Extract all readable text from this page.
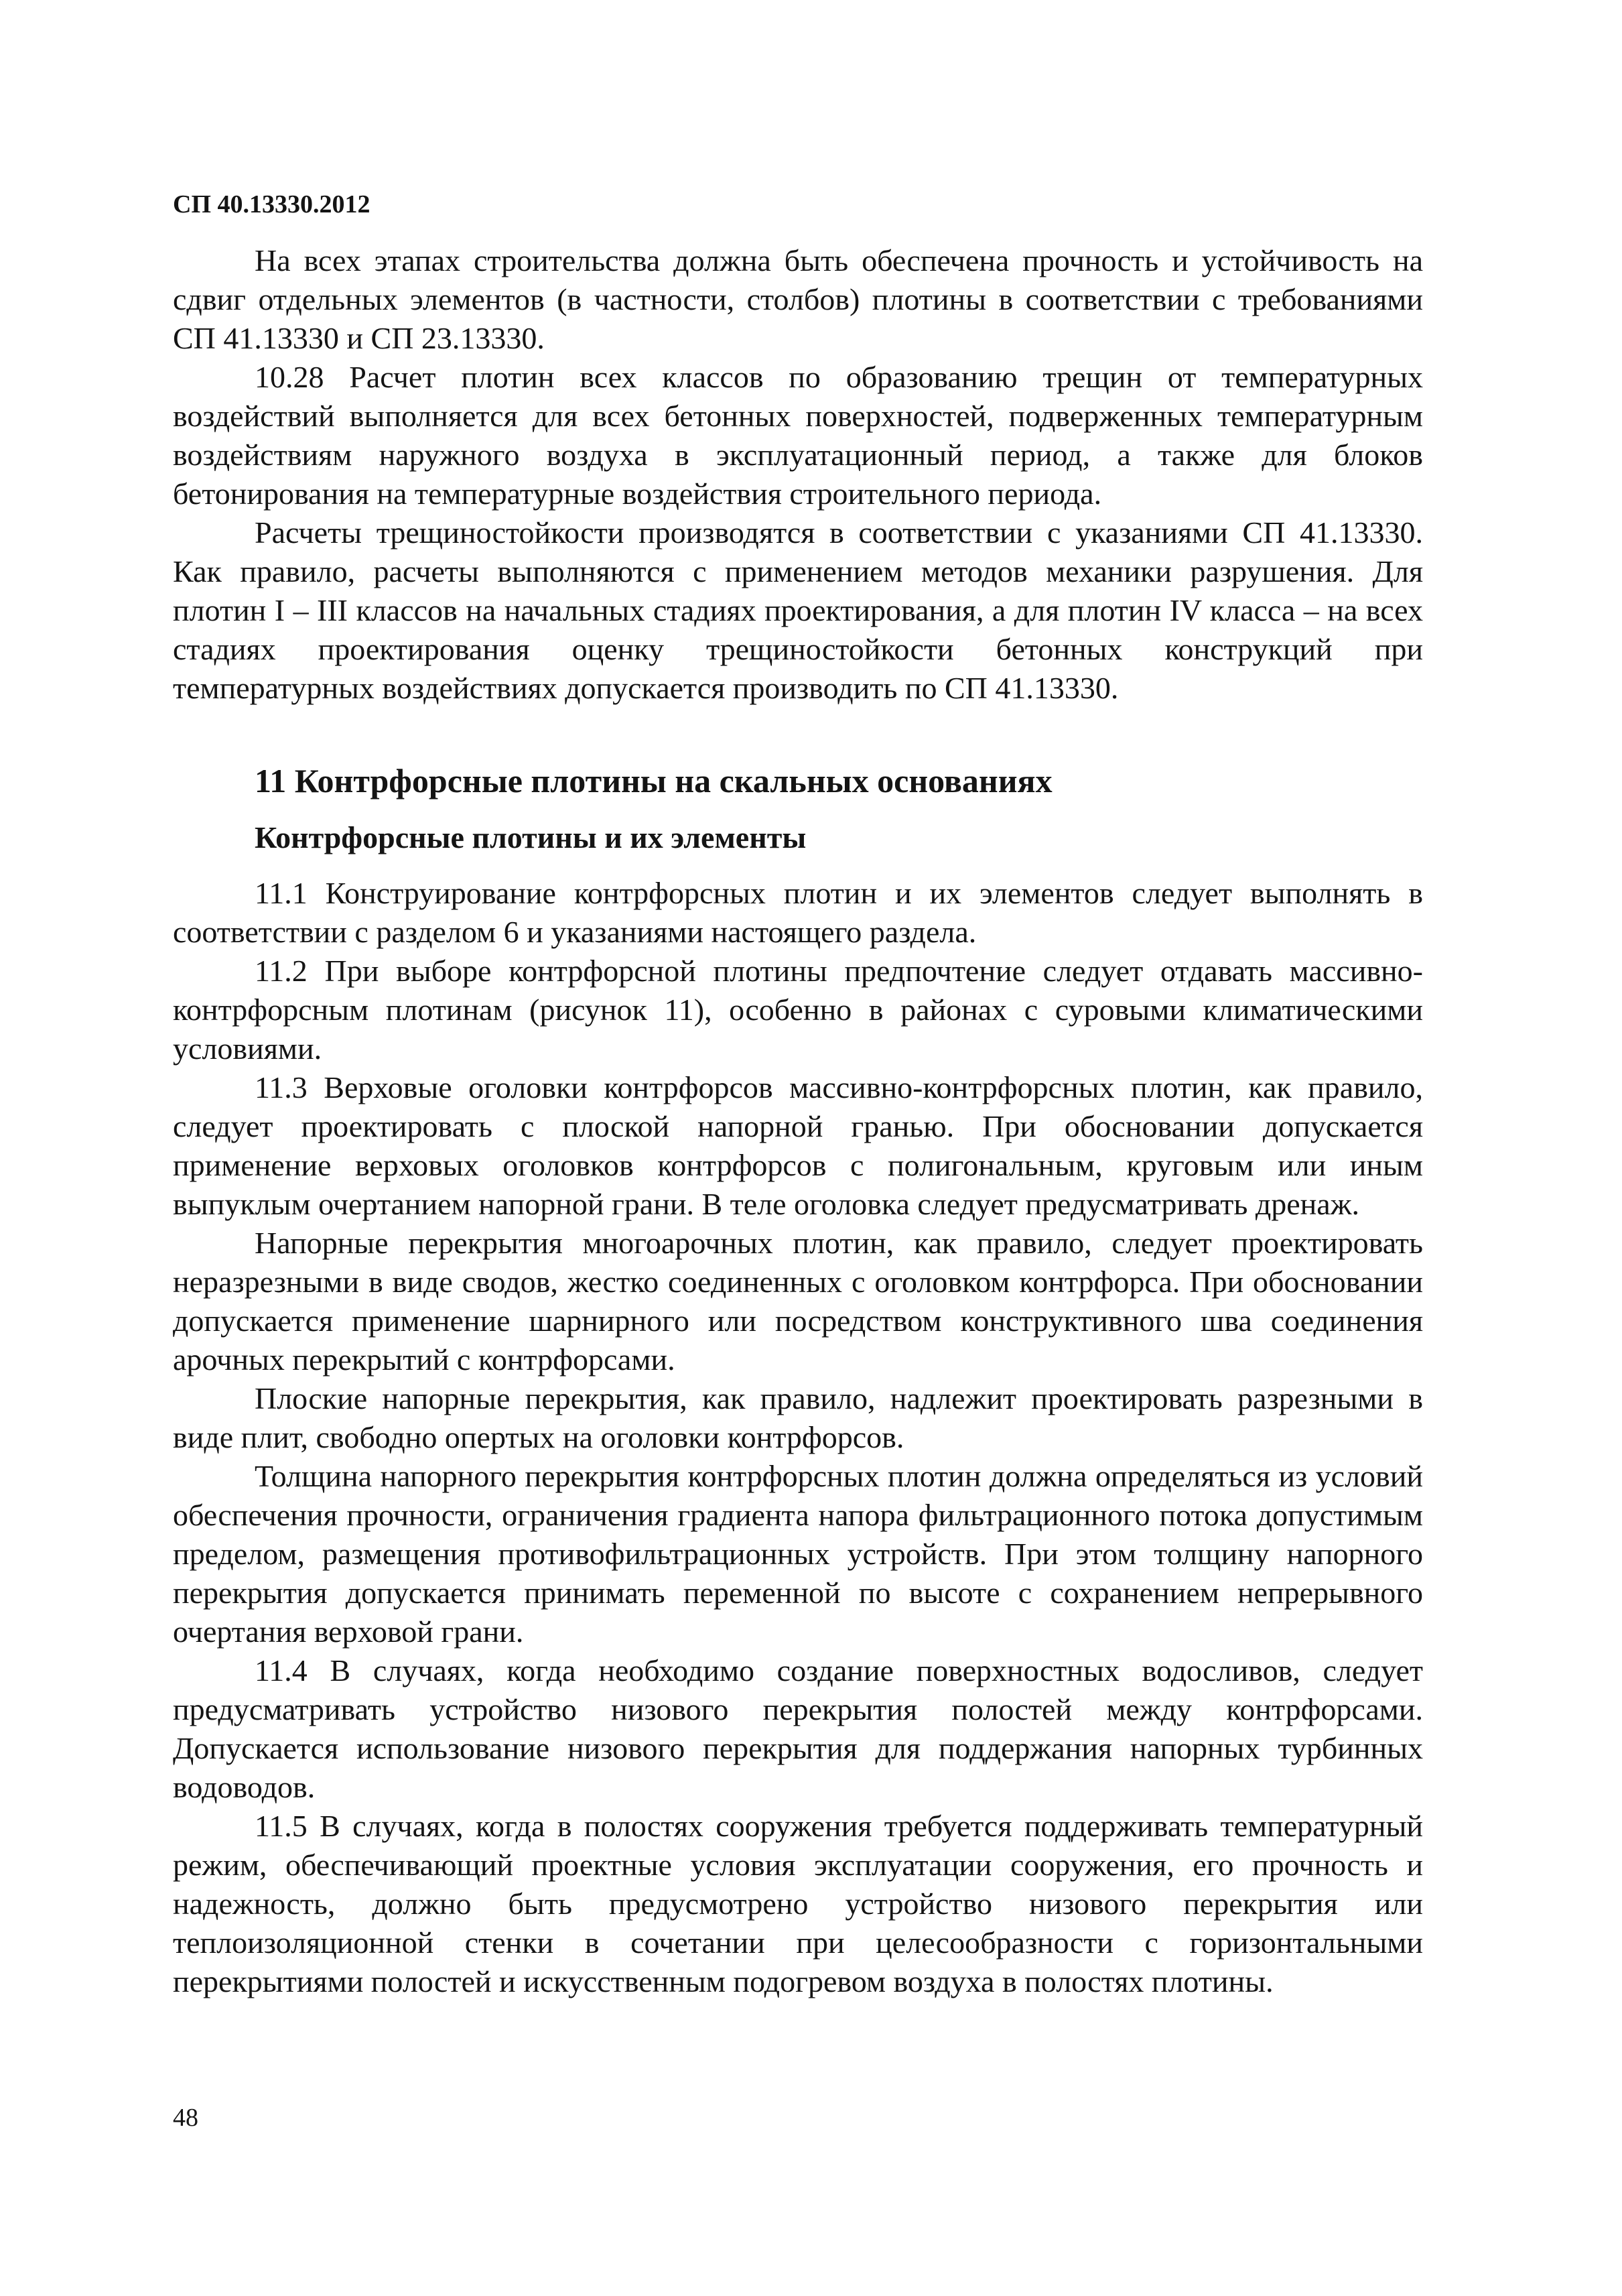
СП 40.13330.2012

На всех этапах строительства должна быть обеспечена прочность и устойчивость на сдвиг отдельных элементов (в частности, столбов) плотины в соответствии с требованиями СП 41.13330 и СП 23.13330.

10.28 Расчет плотин всех классов по образованию трещин от температурных воздействий выполняется для всех бетонных поверхностей, подверженных температурным воздействиям наружного воздуха в эксплуатационный период, а также для блоков бетонирования на температурные воздействия строительного периода.

Расчеты трещиностойкости производятся в соответствии с указаниями СП 41.13330. Как правило, расчеты выполняются с применением методов механики разрушения. Для плотин I – III классов на начальных стадиях проектирования, а для плотин IV класса – на всех стадиях проектирования оценку трещиностойкости бетонных конструкций при температурных воздействиях допускается производить по СП 41.13330.

11 Контрфорсные плотины на скальных основаниях
Контрфорсные плотины и их элементы

11.1 Конструирование контрфорсных плотин и их элементов следует выполнять в соответствии с разделом 6 и указаниями настоящего раздела.

11.2 При выборе контрфорсной плотины предпочтение следует отдавать массивно-контрфорсным плотинам (рисунок 11), особенно в районах с суровыми климатическими условиями.

11.3 Верховые оголовки контрфорсов массивно-контрфорсных плотин, как правило, следует проектировать с плоской напорной гранью. При обосновании допускается применение верховых оголовков контрфорсов с полигональным, круговым или иным выпуклым очертанием напорной грани. В теле оголовка следует предусматривать дренаж.

Напорные перекрытия многоарочных плотин, как правило, следует проектировать неразрезными в виде сводов, жестко соединенных с оголовком контрфорса. При обосновании допускается применение шарнирного или посредством конструктивного шва соединения арочных перекрытий с контрфорсами.

Плоские напорные перекрытия, как правило, надлежит проектировать разрезными в виде плит, свободно опертых на оголовки контрфорсов.

Толщина напорного перекрытия контрфорсных плотин должна определяться из условий обеспечения прочности, ограничения градиента напора фильтрационного потока допустимым пределом, размещения противофильтрационных устройств. При этом толщину напорного перекрытия допускается принимать переменной по высоте с сохранением непрерывного очертания верховой грани.

11.4 В случаях, когда необходимо создание поверхностных водосливов, следует предусматривать устройство низового перекрытия полостей между контрфорсами. Допускается использование низового перекрытия для поддержания напорных турбинных водоводов.

11.5 В случаях, когда в полостях сооружения требуется поддерживать температурный режим, обеспечивающий проектные условия эксплуатации сооружения, его прочность и надежность, должно быть предусмотрено устройство низового перекрытия или теплоизоляционной стенки в сочетании при целесообразности с горизонтальными перекрытиями полостей и искусственным подогревом воздуха в полостях плотины.

48
